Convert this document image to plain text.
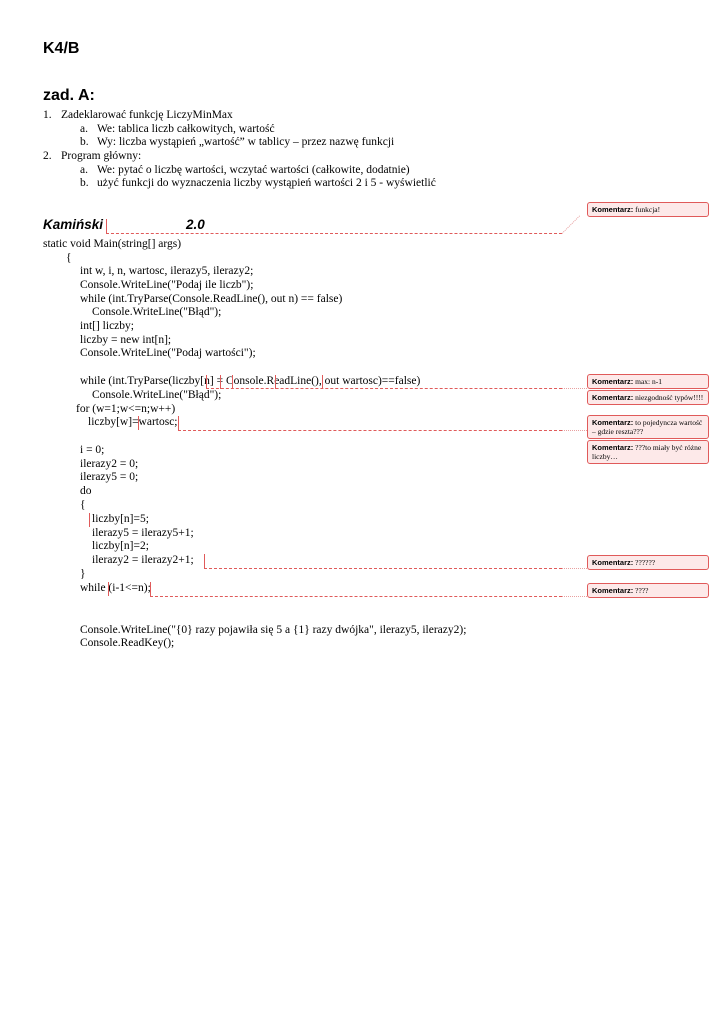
K4/B
zad. A:
1. Zadeklarować funkcję LiczyMinMax
a. We: tablica liczb całkowitych, wartość
b. Wy: liczba wystąpień „wartość” w tablicy – przez nazwę funkcji
2. Program główny:
a. We: pytać o liczbę wartości, wczytać wartości (całkowite, dodatnie)
b. użyć funkcji do wyznaczenia liczby wystąpień wartości 2 i 5 - wyświetlić
Kamiński	2.0
static void Main(string[] args)
{
int w, i, n, wartosc, ilerazy5, ilerazy2;
Console.WriteLine("Podaj ile liczb");
while (int.TryParse(Console.ReadLine(), out n) == false)
Console.WriteLine("Błąd");
int[] liczby;
liczby = new int[n];
Console.WriteLine("Podaj wartości");
while (int.TryParse(liczby[n] = Console.ReadLine(), out wartosc)==false)
Console.WriteLine("Błąd");
for (w=1;w<=n;w++)
liczby[w]=wartosc;
i = 0;
ilerazy2 = 0;
ilerazy5 = 0;
do
{
liczby[n]=5;
ilerazy5 = ilerazy5+1;
liczby[n]=2;
ilerazy2 = ilerazy2+1;
}
while (i-1<=n);
Console.WriteLine("{0} razy pojawiła się 5 a {1} razy dwójka", ilerazy5, ilerazy2);
Console.ReadKey();
Komentarz: funkcja!
Komentarz: max: n-1
Komentarz: niezgodność typów!!!!
Komentarz: to pojedyncza wartość – gdzie reszta???
Komentarz: ???to miały być różne liczby…
Komentarz: ??????
Komentarz: ????
